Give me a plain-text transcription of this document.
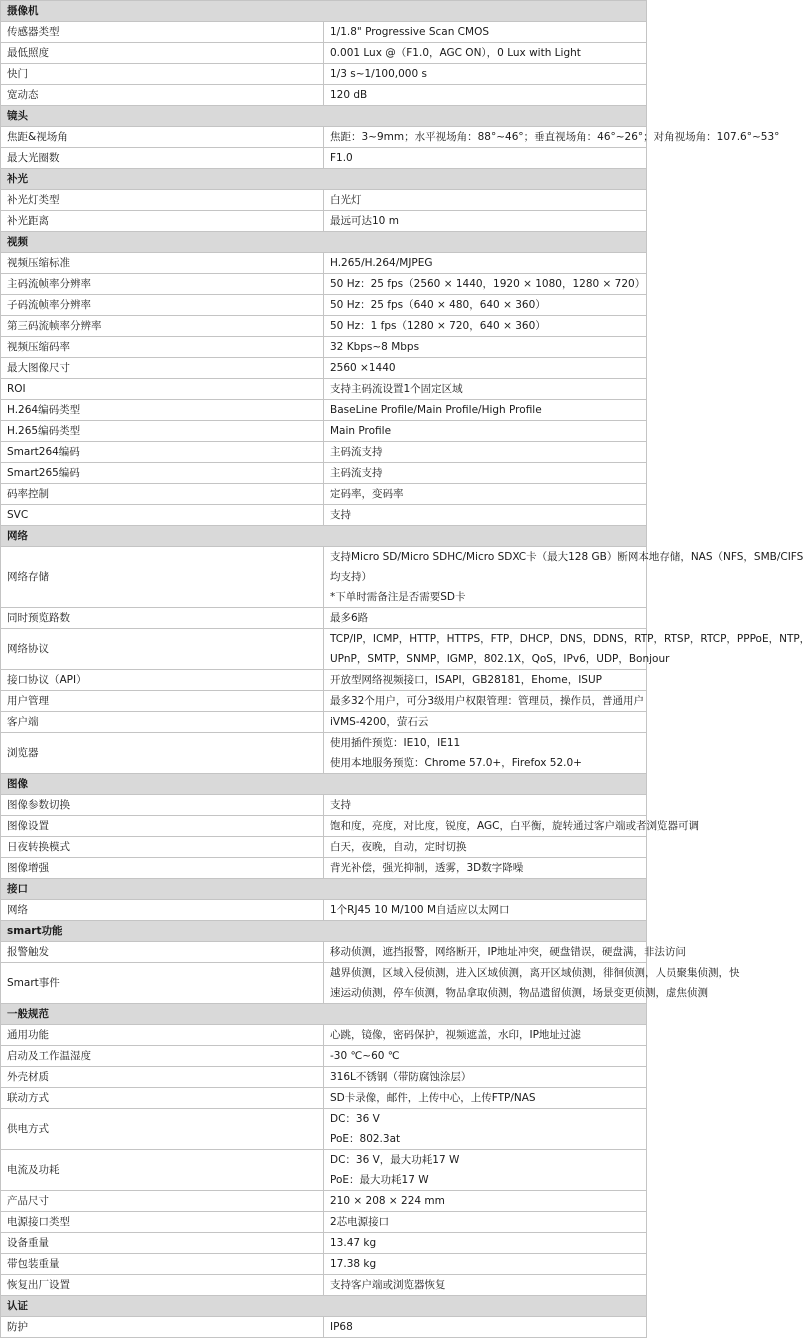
摄像机	
传感器类型	1/1.8" Progressive Scan CMOS

最低照度	0.001 Lux @（F1.0，AGC ON），0 Lux with Light

快门	1/3 s~1/100,000 s

宽动态	120 dB

镜头	
焦距&视场角	焦距：3~9mm；水平视场角：88°~46°；垂直视场角：46°~26°；对角视场角：107.6°~53°

最大光圈数	F1.0

补光	
补光灯类型	白光灯

补光距离	最远可达10 m

视频	
视频压缩标准	H.265/H.264/MJPEG

主码流帧率分辨率	50 Hz：25 fps（2560 × 1440，1920 × 1080，1280 × 720）

子码流帧率分辨率	50 Hz：25 fps（640 × 480，640 × 360）

第三码流帧率分辨率	50 Hz：1 fps（1280 × 720，640 × 360）

视频压缩码率	32 Kbps~8 Mbps

最大图像尺寸	2560 ×1440

ROI	支持主码流设置1个固定区域

H.264编码类型	BaseLine Profile/Main Profile/High Profile

H.265编码类型	Main Profile

Smart264编码	主码流支持

Smart265编码	主码流支持

码率控制	定码率，变码率

SVC	支持

网络	
网络存储	支持Micro SD/Micro SDHC/Micro SDXC卡（最大128 GB）断网本地存储，NAS（NFS，SMB/CIFS
均支持）
*下单时需备注是否需要SD卡

同时预览路数	最多6路

网络协议	TCP/IP，ICMP，HTTP，HTTPS，FTP，DHCP，DNS，DDNS，RTP，RTSP，RTCP，PPPoE，NTP，
UPnP，SMTP，SNMP，IGMP，802.1X，QoS，IPv6，UDP，Bonjour

接口协议（API）	开放型网络视频接口，ISAPI，GB28181，Ehome，ISUP

用户管理	最多32个用户，可分3级用户权限管理：管理员，操作员，普通用户

客户端	iVMS-4200，萤石云

浏览器	使用插件预览：IE10，IE11
使用本地服务预览：Chrome 57.0+，Firefox 52.0+

图像	
图像参数切换	支持

图像设置	饱和度，亮度，对比度，锐度，AGC，白平衡，旋转通过客户端或者浏览器可调

日夜转换模式	白天，夜晚，自动，定时切换

图像增强	背光补偿，强光抑制，透雾，3D数字降噪

接口	
网络	1个RJ45 10 M/100 M自适应以太网口

smart功能	
报警触发	移动侦测，遮挡报警，网络断开，IP地址冲突，硬盘错误，硬盘满，非法访问

Smart事件	越界侦测，区域入侵侦测，进入区域侦测，离开区域侦测，徘徊侦测，人员聚集侦测，快
速运动侦测，停车侦测，物品拿取侦测，物品遗留侦测，场景变更侦测，虚焦侦测

一般规范	
通用功能	心跳，镜像，密码保护，视频遮盖，水印，IP地址过滤

启动及工作温湿度	-30 ℃~60 ℃

外壳材质	316L不锈钢（带防腐蚀涂层）

联动方式	SD卡录像，邮件，上传中心，上传FTP/NAS

供电方式	DC：36 V
PoE：802.3at

电流及功耗	DC：36 V，最大功耗17 W
PoE：最大功耗17 W

产品尺寸	210 × 208 × 224 mm

电源接口类型	2芯电源接口

设备重量	13.47 kg

带包装重量	17.38 kg

恢复出厂设置	支持客户端或浏览器恢复

认证	
防护	IP68
